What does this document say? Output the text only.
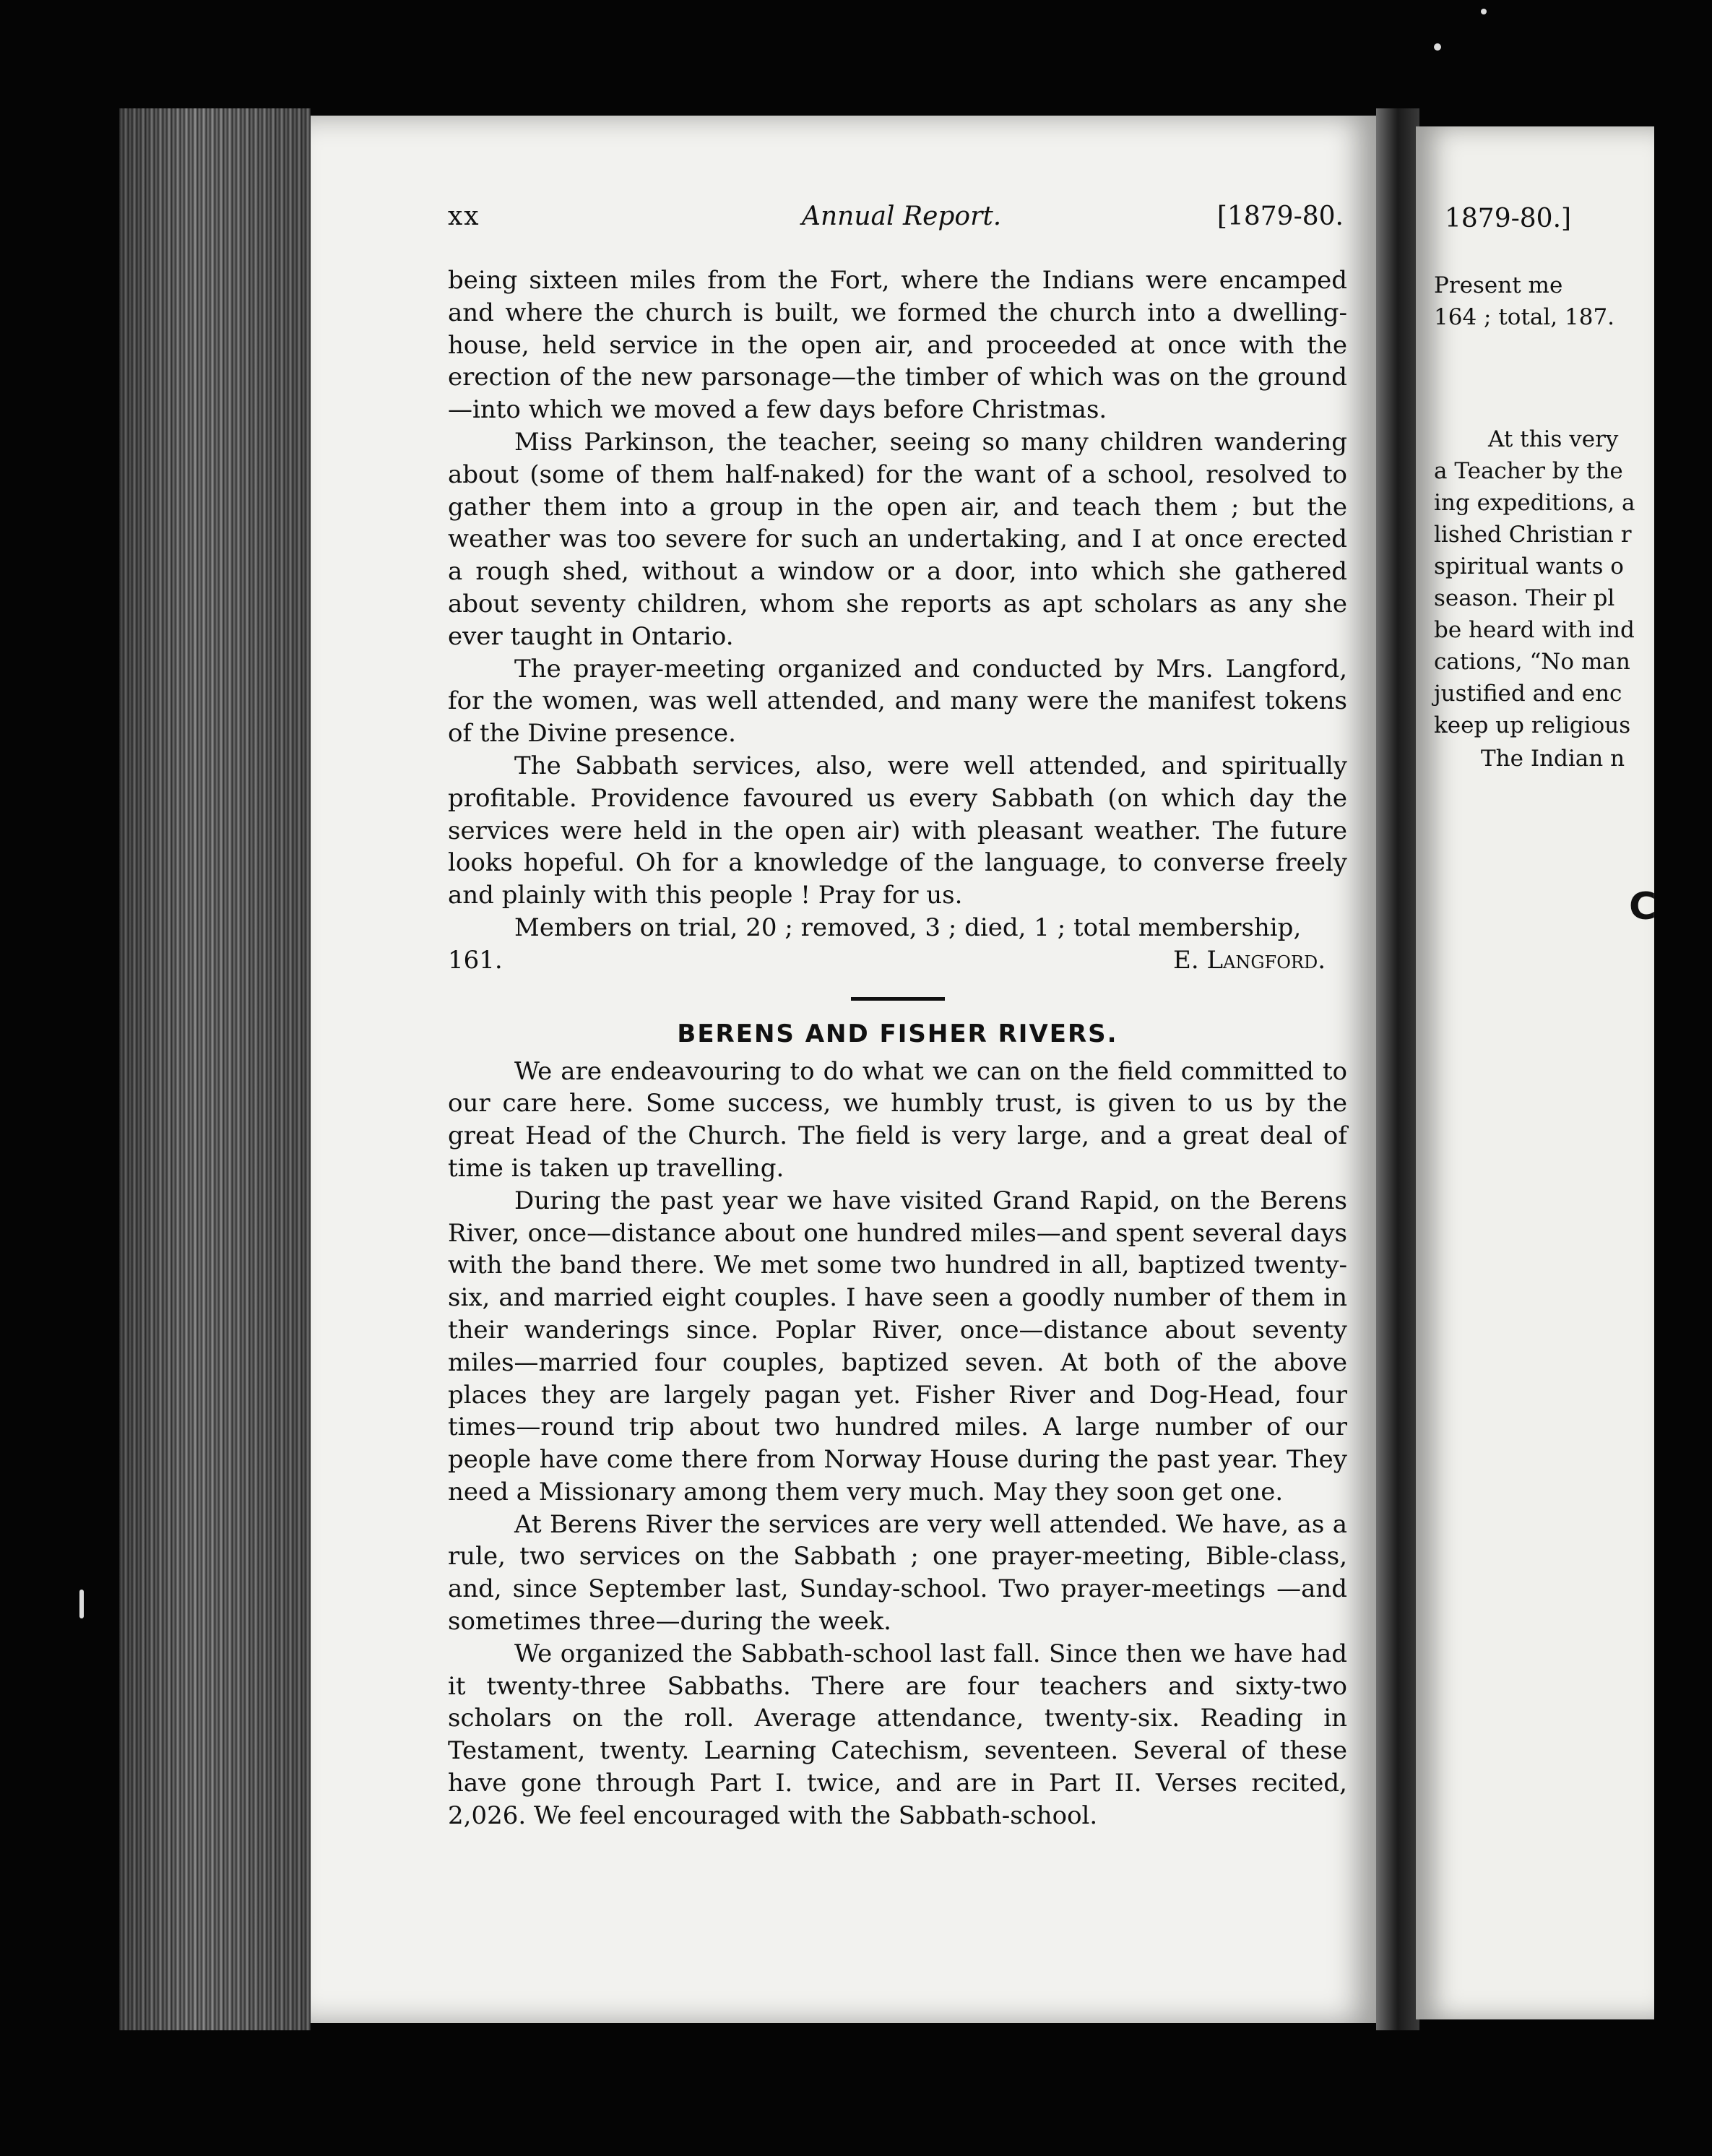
xx	Annual Report.	[1879-80.

being sixteen miles from the Fort, where the Indians were encamped and where the church is built, we formed the church into a dwelling-house, held service in the open air, and proceeded at once with the erection of the new parsonage—the timber of which was on the ground—into which we moved a few days before Christmas.

Miss Parkinson, the teacher, seeing so many children wandering about (some of them half-naked) for the want of a school, resolved to gather them into a group in the open air, and teach them ; but the weather was too severe for such an undertaking, and I at once erected a rough shed, without a window or a door, into which she gathered about seventy children, whom she reports as apt scholars as any she ever taught in Ontario.

The prayer-meeting organized and conducted by Mrs. Langford, for the women, was well attended, and many were the manifest tokens of the Divine presence.

The Sabbath services, also, were well attended, and spiritually profitable. Providence favoured us every Sabbath (on which day the services were held in the open air) with pleasant weather. The future looks hopeful. Oh for a knowledge of the language, to converse freely and plainly with this people ! Pray for us.

Members on trial, 20 ; removed, 3 ; died, 1 ; total membership,

161.	E. Langford.
BERENS AND FISHER RIVERS.

We are endeavouring to do what we can on the field committed to our care here. Some success, we humbly trust, is given to us by the great Head of the Church. The field is very large, and a great deal of time is taken up travelling.

During the past year we have visited Grand Rapid, on the Berens River, once—distance about one hundred miles—and spent several days with the band there. We met some two hundred in all, baptized twenty-six, and married eight couples. I have seen a goodly number of them in their wanderings since. Poplar River, once—distance about seventy miles—married four couples, baptized seven. At both of the above places they are largely pagan yet. Fisher River and Dog-Head, four times—round trip about two hundred miles. A large number of our people have come there from Norway House during the past year. They need a Missionary among them very much. May they soon get one.

At Berens River the services are very well attended. We have, as a rule, two services on the Sabbath ; one prayer-meeting, Bible-class, and, since September last, Sunday-school. Two prayer-meetings —and sometimes three—during the week.

We organized the Sabbath-school last fall. Since then we have had it twenty-three Sabbaths. There are four teachers and sixty-two scholars on the roll. Average attendance, twenty-six. Reading in Testament, twenty. Learning Catechism, seventeen. Several of these have gone through Part I. twice, and are in Part II. Verses recited, 2,026. We feel encouraged with the Sabbath-school.

1879-80.]
Present me
164 ; total, 187.
At this very
a Teacher by the
ing expeditions, a
lished Christian r
spiritual wants o
season. Their pl
be heard with ind
cations, “No man
justified and enc
keep up religious
The Indian n
C
